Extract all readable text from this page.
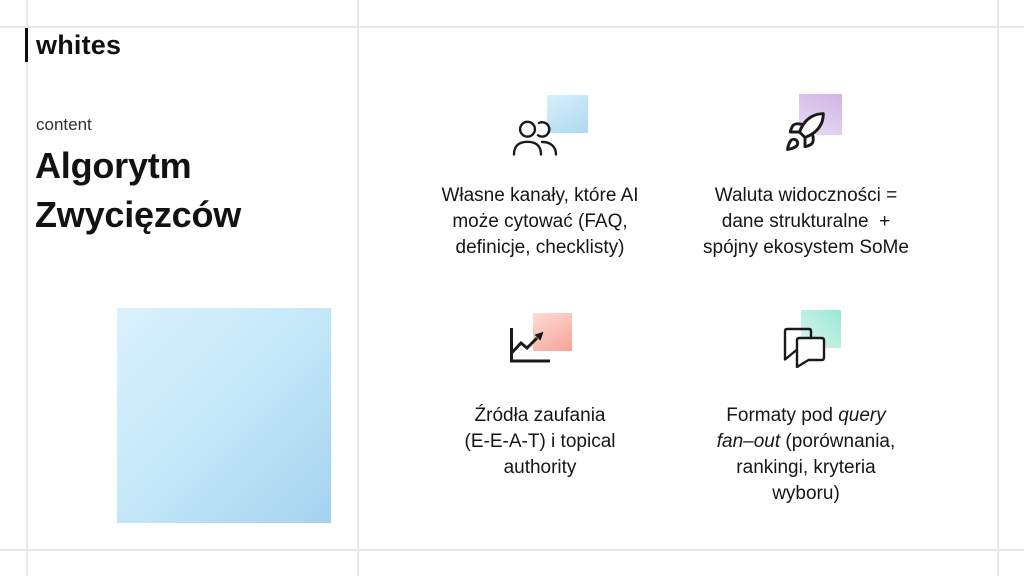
whites
content
Algorytm
Zwycięzców	Własne kanały, które AI
może cytować (FAQ,
definicje, checklisty)
Waluta widoczności =
dane strukturalne  +
spójny ekosystem SoMe
Źródła zaufania
(E-E-A-T) i topical
authority
Formaty pod query
fan–out (porównania,
rankingi, kryteria
wyboru)
